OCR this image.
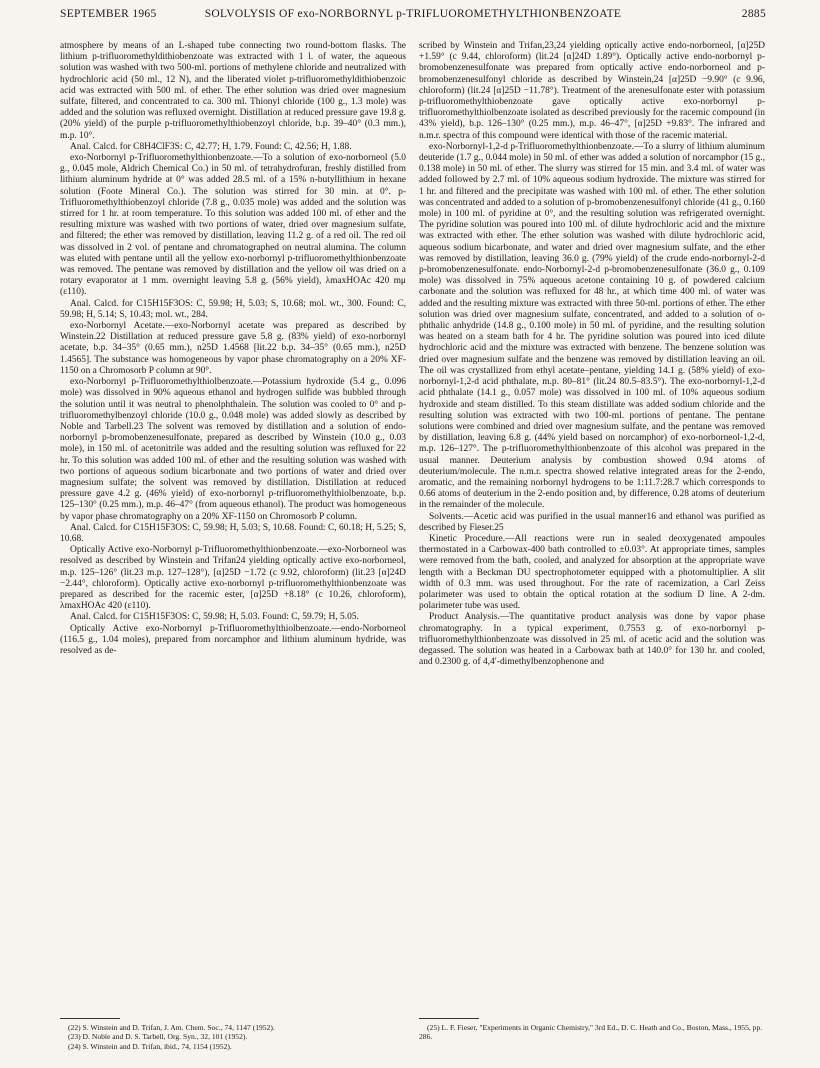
SEPTEMBER 1965	SOLVOLYSIS OF exo-NORBORNYL p-TRIFLUOROMETHYLTHIONBENZOATE	2885

atmosphere by means of an L-shaped tube connecting two round-bottom flasks. The lithium p-trifluoromethyldithiobenzoate was extracted with 1 l. of water, the aqueous solution was washed with two 500-ml. portions of methylene chloride and neutralized with hydrochloric acid (50 ml., 12 N), and the liberated violet p-trifluoromethyldithiobenzoic acid was extracted with 500 ml. of ether. The ether solution was dried over magnesium sulfate, filtered, and concentrated to ca. 300 ml. Thionyl chloride (100 g., 1.3 mole) was added and the solution was refluxed overnight. Distillation at reduced pressure gave 19.8 g. (20% yield) of the purple p-trifluoromethylthiobenzoyl chloride, b.p. 39–40° (0.3 mm.), m.p. 10°.

Anal. Calcd. for C8H4ClF3S: C, 42.77; H, 1.79. Found: C, 42.56; H, 1.88.

exo-Norbornyl p-Trifluoromethylthionbenzoate.—To a solution of exo-norborneol (5.0 g., 0.045 mole, Aldrich Chemical Co.) in 50 ml. of tetrahydrofuran, freshly distilled from lithium aluminum hydride at 0° was added 28.5 ml. of a 15% n-butyllithium in hexane solution (Foote Mineral Co.). The solution was stirred for 30 min. at 0°. p-Trifluoromethylthiobenzoyl chloride (7.8 g., 0.035 mole) was added and the solution was stirred for 1 hr. at room temperature. To this solution was added 100 ml. of ether and the resulting mixture was washed with two portions of water, dried over magnesium sulfate, and filtered; the ether was removed by distillation, leaving 11.2 g. of a red oil. The red oil was dissolved in 2 vol. of pentane and chromatographed on neutral alumina. The column was eluted with pentane until all the yellow exo-norbornyl p-trifluoromethylthionbenzoate was removed. The pentane was removed by distillation and the yellow oil was dried on a rotary evaporator at 1 mm. overnight leaving 5.8 g. (56% yield), λmaxHOAc 420 mμ (ε110).

Anal. Calcd. for C15H15F3OS: C, 59.98; H, 5.03; S, 10.68; mol. wt., 300. Found: C, 59.98; H, 5.14; S, 10.43; mol. wt., 284.

exo-Norbornyl Acetate.—exo-Norbornyl acetate was prepared as described by Winstein.22 Distillation at reduced pressure gave 5.8 g. (83% yield) of exo-norbornyl acetate, b.p. 34–35° (0.65 mm.), n25D 1.4568 [lit.22 b.p. 34–35° (0.65 mm.), n25D 1.4565]. The substance was homogeneous by vapor phase chromatography on a 20% XF-1150 on a Chromosorb P column at 90°.

exo-Norbornyl p-Trifluoromethylthiolbenzoate.—Potassium hydroxide (5.4 g., 0.096 mole) was dissolved in 90% aqueous ethanol and hydrogen sulfide was bubbled through the solution until it was neutral to phenolphthalein. The solution was cooled to 0° and p-trifluoromethylbenzoyl chloride (10.0 g., 0.048 mole) was added slowly as described by Noble and Tarbell.23 The solvent was removed by distillation and a solution of endo-norbornyl p-bromobenzenesulfonate, prepared as described by Winstein (10.0 g., 0.03 mole), in 150 ml. of acetonitrile was added and the resulting solution was refluxed for 22 hr. To this solution was added 100 ml. of ether and the resulting solution was washed with two portions of aqueous sodium bicarbonate and two portions of water and dried over magnesium sulfate; the solvent was removed by distillation. Distillation at reduced pressure gave 4.2 g. (46% yield) of exo-norbornyl p-trifluoromethylthiolbenzoate, b.p. 125–130° (0.25 mm.), m.p. 46–47° (from aqueous ethanol). The product was homogeneous by vapor phase chromatography on a 20% XF-1150 on Chromosorb P column.

Anal. Calcd. for C15H15F3OS: C, 59.98; H, 5.03; S, 10.68. Found: C, 60.18; H, 5.25; S, 10.68.

Optically Active exo-Norbornyl p-Trifluoromethylthionbenzoate.—exo-Norborneol was resolved as described by Winstein and Trifan24 yielding optically active exo-norborneol, m.p. 125–126° (lit.23 m.p. 127–128°), [α]25D −1.72 (c 9.92, chloroform) (lit.23 [α]24D −2.44°, chloroform). Optically active exo-norbornyl p-trifluoromethylthionbenzoate was prepared as described for the racemic ester, [α]25D +8.18° (c 10.26, chloroform), λmaxHOAc 420 (ε110).

Anal. Calcd. for C15H15F3OS: C, 59.98; H, 5.03. Found: C, 59.79; H, 5.05.

Optically Active exo-Norbornyl p-Trifluoromethylthiolbenzoate.—endo-Norborneol (116.5 g., 1.04 moles), prepared from norcamphor and lithium aluminum hydride, was resolved as de-

scribed by Winstein and Trifan,23,24 yielding optically active endo-norborneol, [α]25D +1.59° (c 9.44, chloroform) (lit.24 [α]24D 1.89°). Optically active endo-norbornyl p-bromobenzenesulfonate was prepared from optically active endo-norborneol and p-bromobenzenesulfonyl chloride as described by Winstein,24 [α]25D −9.90° (c 9.96, chloroform) (lit.24 [α]25D −11.78°). Treatment of the arenesulfonate ester with potassium p-trifluoromethylthiobenzoate gave optically active exo-norbornyl p-trifluoromethylthiolbenzoate isolated as described previously for the racemic compound (in 43% yield), b.p. 126–130° (0.25 mm.), m.p. 46–47°, [α]25D +9.83°. The infrared and n.m.r. spectra of this compound were identical with those of the racemic material.

exo-Norbornyl-1,2-d p-Trifluoromethylthionbenzoate.—To a slurry of lithium aluminum deuteride (1.7 g., 0.044 mole) in 50 ml. of ether was added a solution of norcamphor (15 g., 0.138 mole) in 50 ml. of ether. The slurry was stirred for 15 min. and 3.4 ml. of water was added followed by 2.7 ml. of 10% aqueous sodium hydroxide. The mixture was stirred for 1 hr. and filtered and the precipitate was washed with 100 ml. of ether. The ether solution was concentrated and added to a solution of p-bromobenzenesulfonyl chloride (41 g., 0.160 mole) in 100 ml. of pyridine at 0°, and the resulting solution was refrigerated overnight. The pyridine solution was poured into 100 ml. of dilute hydrochloric acid and the mixture was extracted with ether. The ether solution was washed with dilute hydrochloric acid, aqueous sodium bicarbonate, and water and dried over magnesium sulfate, and the ether was removed by distillation, leaving 36.0 g. (79% yield) of the crude endo-norbornyl-2-d p-bromobenzenesulfonate. endo-Norbornyl-2-d p-bromobenzenesulfonate (36.0 g., 0.109 mole) was dissolved in 75% aqueous acetone containing 10 g. of powdered calcium carbonate and the solution was refluxed for 48 hr., at which time 400 ml. of water was added and the resulting mixture was extracted with three 50-ml. portions of ether. The ether solution was dried over magnesium sulfate, concentrated, and added to a solution of o-phthalic anhydride (14.8 g., 0.100 mole) in 50 ml. of pyridine, and the resulting solution was heated on a steam bath for 4 hr. The pyridine solution was poured into iced dilute hydrochloric acid and the mixture was extracted with benzene. The benzene solution was dried over magnesium sulfate and the benzene was removed by distillation leaving an oil. The oil was crystallized from ethyl acetate–pentane, yielding 14.1 g. (58% yield) of exo-norbornyl-1,2-d acid phthalate, m.p. 80–81° (lit.24 80.5–83.5°). The exo-norbornyl-1,2-d acid phthalate (14.1 g., 0.057 mole) was dissolved in 100 ml. of 10% aqueous sodium hydroxide and steam distilled. To this steam distillate was added sodium chloride and the resulting solution was extracted with two 100-ml. portions of pentane. The pentane solutions were combined and dried over magnesium sulfate, and the pentane was removed by distillation, leaving 6.8 g. (44% yield based on norcamphor) of exo-norborneol-1,2-d, m.p. 126–127°. The p-trifluoromethylthionbenzoate of this alcohol was prepared in the usual manner. Deuterium analysis by combustion showed 0.94 atoms of deuterium/molecule. The n.m.r. spectra showed relative integrated areas for the 2-endo, aromatic, and the remaining norbornyl hydrogens to be 1:11.7:28.7 which corresponds to 0.66 atoms of deuterium in the 2-endo position and, by difference, 0.28 atoms of deuterium in the remainder of the molecule.

Solvents.—Acetic acid was purified in the usual manner16 and ethanol was purified as described by Fieser.25

Kinetic Procedure.—All reactions were run in sealed deoxygenated ampoules thermostated in a Carbowax-400 bath controlled to ±0.03°. At appropriate times, samples were removed from the bath, cooled, and analyzed for absorption at the appropriate wave length with a Beckman DU spectrophotometer equipped with a photomultiplier. A slit width of 0.3 mm. was used throughout. For the rate of racemization, a Carl Zeiss polarimeter was used to obtain the optical rotation at the sodium D line. A 2-dm. polarimeter tube was used.

Product Analysis.—The quantitative product analysis was done by vapor phase chromatography. In a typical experiment, 0.7553 g. of exo-norbornyl p-trifluoromethylthionbenzoate was dissolved in 25 ml. of acetic acid and the solution was degassed. The solution was heated in a Carbowax bath at 140.0° for 130 hr. and cooled, and 0.2300 g. of 4,4′-dimethylbenzophenone and

(22) S. Winstein and D. Trifan, J. Am. Chem. Soc., 74, 1147 (1952).
(23) D. Noble and D. S. Tarbell, Org. Syn., 32, 101 (1952).
(24) S. Winstein and D. Trifan, ibid., 74, 1154 (1952).
(25) L. F. Fieser, "Experiments in Organic Chemistry," 3rd Ed., D. C. Heath and Co., Boston, Mass., 1955, pp. 286.
